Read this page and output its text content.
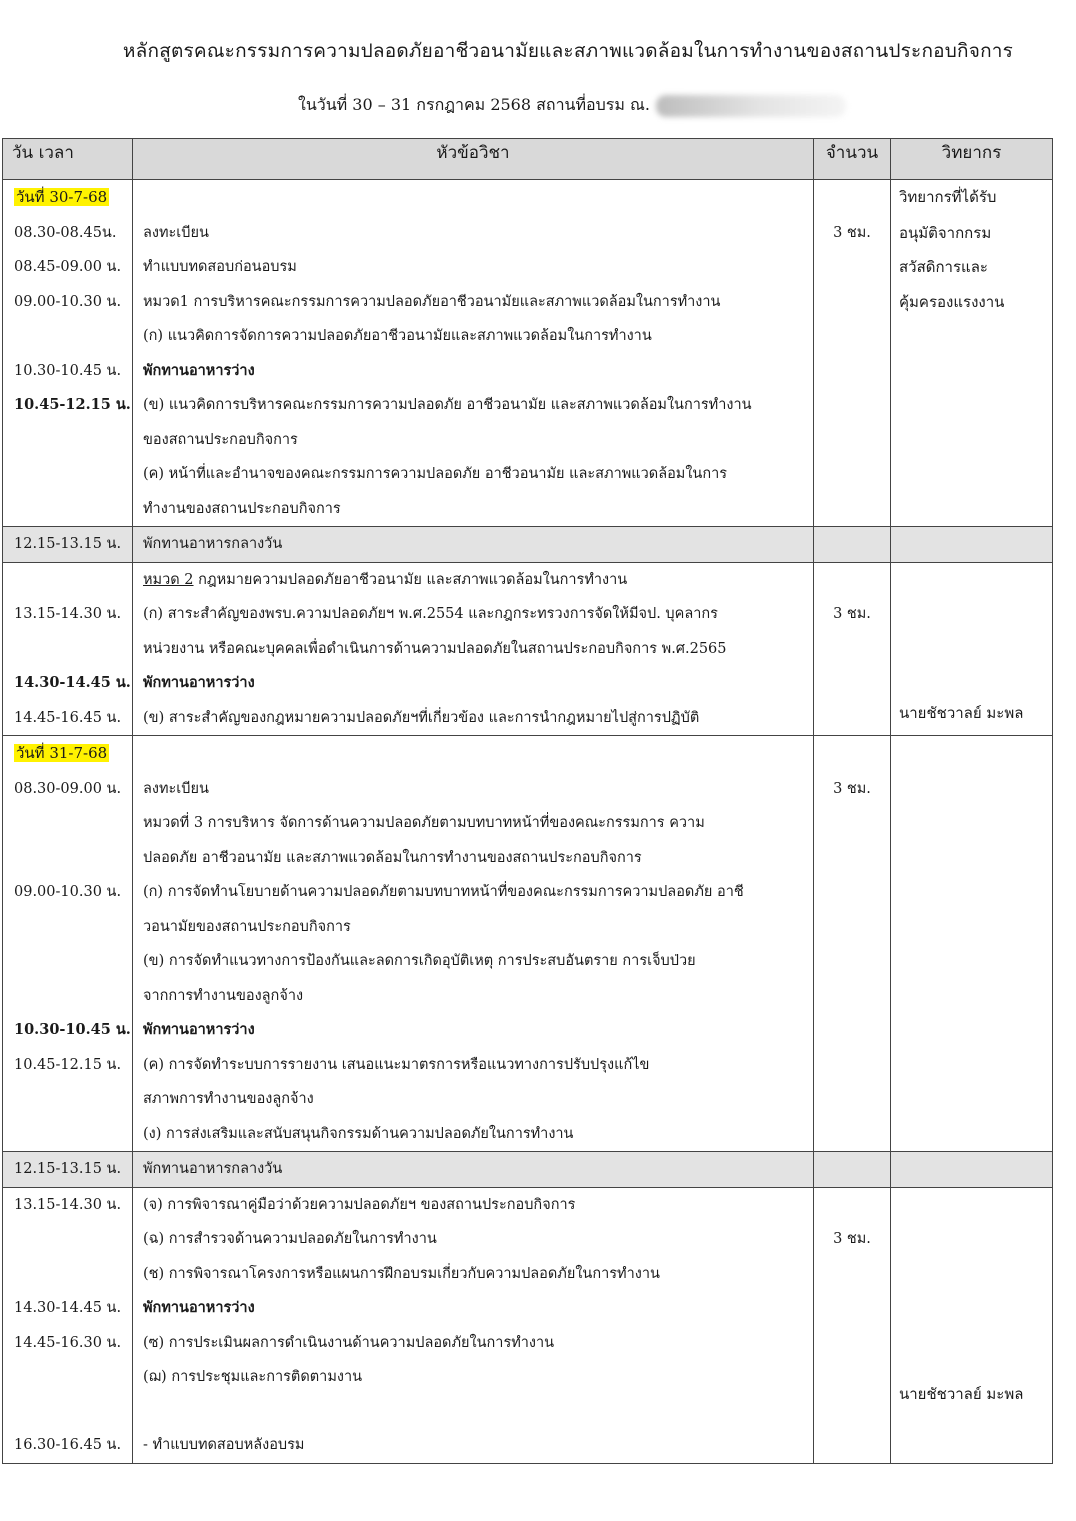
หลักสูตรคณะกรรมการความปลอดภัยอาชีวอนามัยและสภาพแวดล้อมในการทำงานของสถานประกอบกิจการ
ในวันที่ 30 – 31 กรกฎาคม 2568 สถานที่อบรม ณ.
วัน เวลา	หัวข้อวิชา	จำนวน	วิทยากร
วันที่ 30-7-68			วิทยากรที่ได้รับ
08.30-08.45น.	ลงทะเบียน	3 ชม.	อนุมัติจากกรม
08.45-09.00 น.	ทำแบบทดสอบก่อนอบรม		สวัสดิการและ
09.00-10.30 น.	หมวด1 การบริหารคณะกรรมการความปลอดภัยอาชีวอนามัยและสภาพแวดล้อมในการทำงาน		คุ้มครองแรงงาน
	(ก) แนวคิดการจัดการความปลอดภัยอาชีวอนามัยและสภาพแวดล้อมในการทำงาน		
10.30-10.45 น.	พักทานอาหารว่าง		
10.45-12.15 น.	(ข) แนวคิดการบริหารคณะกรรมการความปลอดภัย อาชีวอนามัย และสภาพแวดล้อมในการทำงาน		
	ของสถานประกอบกิจการ		
	(ค) หน้าที่และอำนาจของคณะกรรมการความปลอดภัย อาชีวอนามัย และสภาพแวดล้อมในการ		
	ทำงานของสถานประกอบกิจการ		
12.15-13.15 น.	พักทานอาหารกลางวัน		
	หมวด 2 กฎหมายความปลอดภัยอาชีวอนามัย และสภาพแวดล้อมในการทำงาน		
13.15-14.30 น.	(ก) สาระสำคัญของพรบ.ความปลอดภัยฯ พ.ศ.2554 และกฎกระทรวงการจัดให้มีจป. บุคลากร	3 ชม.	
	หน่วยงาน หรือคณะบุคคลเพื่อดำเนินการด้านความปลอดภัยในสถานประกอบกิจการ พ.ศ.2565		
14.30-14.45 น.	พักทานอาหารว่าง		
14.45-16.45 น.	(ข) สาระสำคัญของกฎหมายความปลอดภัยฯที่เกี่ยวข้อง และการนำกฎหมายไปสู่การปฏิบัติ		นายชัชวาลย์ มะพล
วันที่ 31-7-68			
08.30-09.00 น.	ลงทะเบียน	3 ชม.	
	หมวดที่ 3 การบริหาร จัดการด้านความปลอดภัยตามบทบาทหน้าที่ของคณะกรรมการ ความ		
	ปลอดภัย อาชีวอนามัย และสภาพแวดล้อมในการทำงานของสถานประกอบกิจการ		
09.00-10.30 น.	(ก) การจัดทำนโยบายด้านความปลอดภัยตามบทบาทหน้าที่ของคณะกรรมการความปลอดภัย อาชี		
	วอนามัยของสถานประกอบกิจการ		
	(ข) การจัดทำแนวทางการป้องกันและลดการเกิดอุบัติเหตุ การประสบอันตราย การเจ็บป่วย		
	จากการทำงานของลูกจ้าง		
10.30-10.45 น.	พักทานอาหารว่าง		
10.45-12.15 น.	(ค) การจัดทำระบบการรายงาน เสนอแนะมาตรการหรือแนวทางการปรับปรุงแก้ไข		
	สภาพการทำงานของลูกจ้าง		
	(ง) การส่งเสริมและสนับสนุนกิจกรรมด้านความปลอดภัยในการทำงาน		
12.15-13.15 น.	พักทานอาหารกลางวัน		
13.15-14.30 น.	(จ) การพิจารณาคู่มือว่าด้วยความปลอดภัยฯ ของสถานประกอบกิจการ		
	(ฉ) การสำรวจด้านความปลอดภัยในการทำงาน	3 ชม.	
	(ช) การพิจารณาโครงการหรือแผนการฝึกอบรมเกี่ยวกับความปลอดภัยในการทำงาน		
14.30-14.45 น.	พักทานอาหารว่าง		
14.45-16.30 น.	(ซ) การประเมินผลการดำเนินงานด้านความปลอดภัยในการทำงาน		
	(ฌ) การประชุมและการติดตามงาน		นายชัชวาลย์ มะพล
16.30-16.45 น.	- ทำแบบทดสอบหลังอบรม		
